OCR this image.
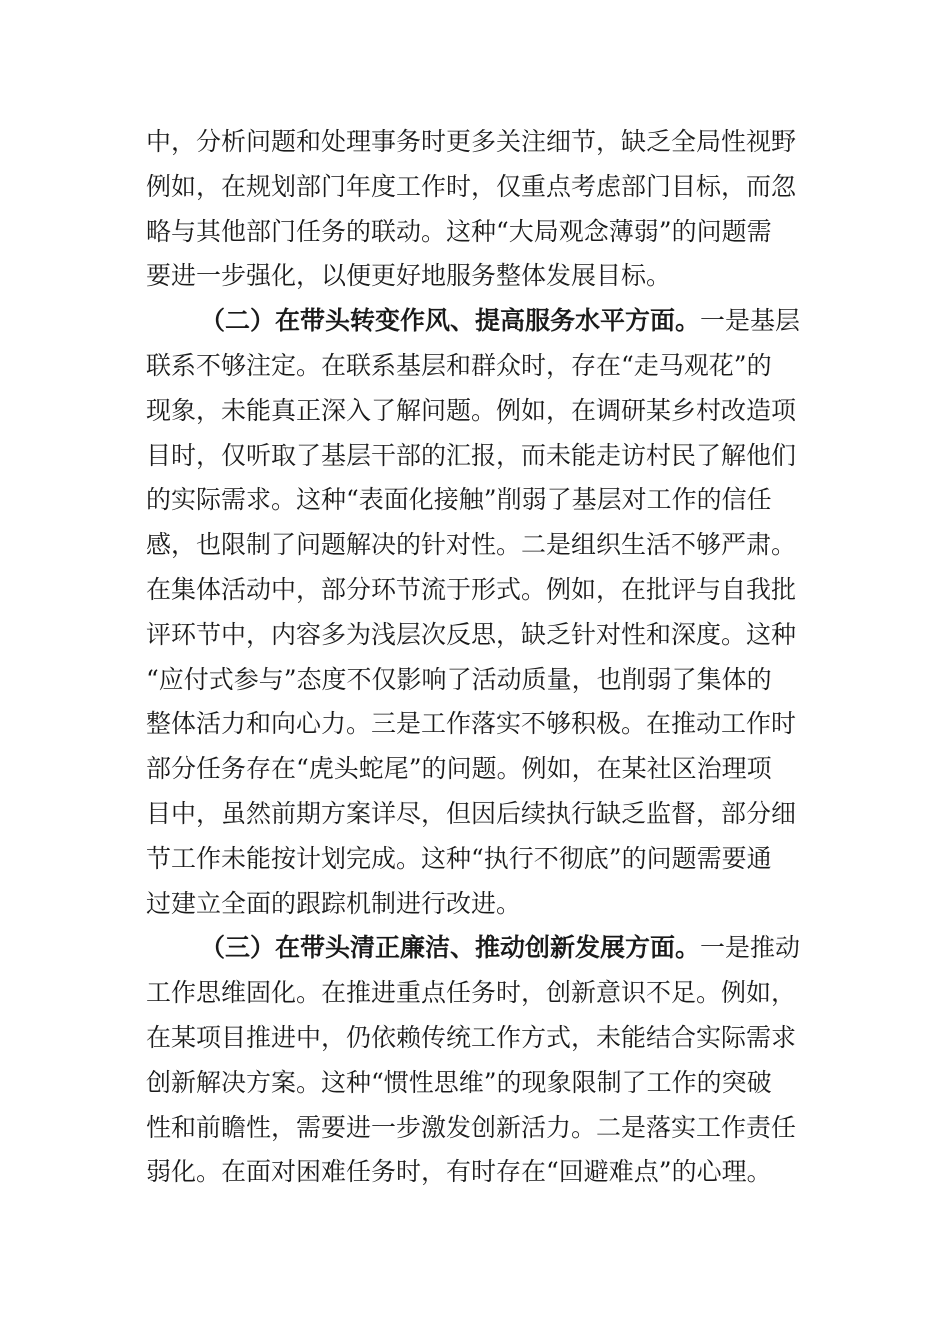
中，分析问题和处理事务时更多关注细节，缺乏全局性视野
例如，在规划部门年度工作时，仅重点考虑部门目标，而忽
略与其他部门任务的联动。这种“大局观念薄弱”的问题需
要进一步强化，以便更好地服务整体发展目标。
（二）在带头转变作风、提高服务水平方面。一是基层
联系不够注定。在联系基层和群众时，存在“走马观花”的
现象，未能真正深入了解问题。例如，在调研某乡村改造项
目时，仅听取了基层干部的汇报，而未能走访村民了解他们
的实际需求。这种“表面化接触”削弱了基层对工作的信任
感，也限制了问题解决的针对性。二是组织生活不够严肃。
在集体活动中，部分环节流于形式。例如，在批评与自我批
评环节中，内容多为浅层次反思，缺乏针对性和深度。这种
“应付式参与”态度不仅影响了活动质量，也削弱了集体的
整体活力和向心力。三是工作落实不够积极。在推动工作时
部分任务存在“虎头蛇尾”的问题。例如，在某社区治理项
目中，虽然前期方案详尽，但因后续执行缺乏监督，部分细
节工作未能按计划完成。这种“执行不彻底”的问题需要通
过建立全面的跟踪机制进行改进。
（三）在带头清正廉洁、推动创新发展方面。一是推动
工作思维固化。在推进重点任务时，创新意识不足。例如，
在某项目推进中，仍依赖传统工作方式，未能结合实际需求
创新解决方案。这种“惯性思维”的现象限制了工作的突破
性和前瞻性，需要进一步激发创新活力。二是落实工作责任
弱化。在面对困难任务时，有时存在“回避难点”的心理。
